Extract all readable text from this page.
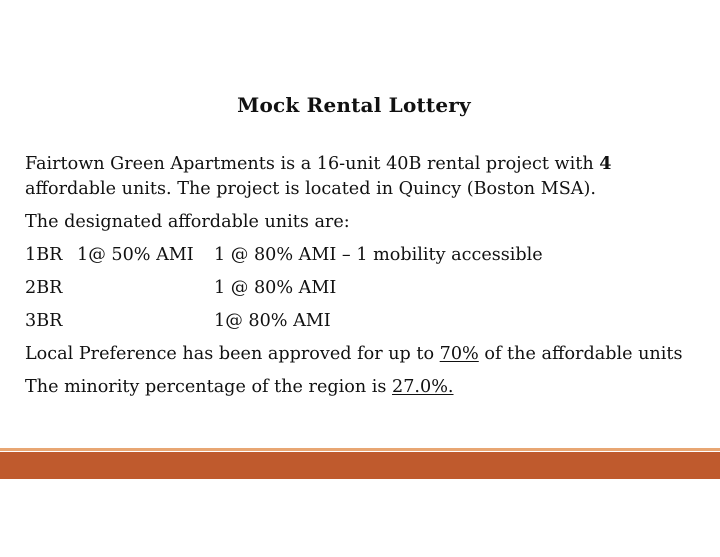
Mock Rental Lottery
Fairtown Green Apartments is a 16-unit 40B rental project with 4
affordable units. The project is located in Quincy (Boston MSA).
The designated affordable units are:
1BR 1@ 50% AMI	1 @ 80% AMI – 1 mobility accessible
2BR	1 @ 80% AMI
3BR	1@ 80% AMI
Local Preference has been approved for up to 70% of the affordable units
The minority percentage of the region is 27.0%.
